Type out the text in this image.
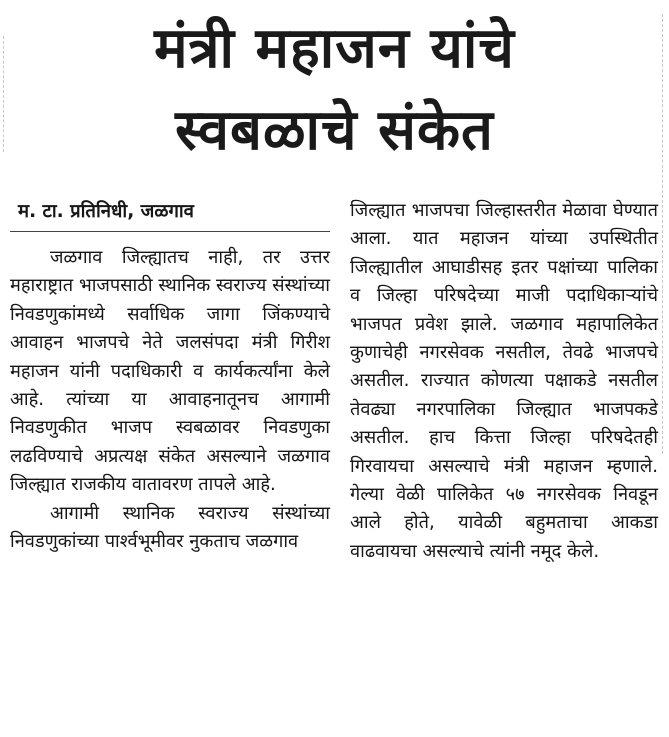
मंत्री महाजन यांचे
स्वबळाचे संकेत
म. टा. प्रतिनिधी, जळगाव

जळगाव जिल्ह्यातच नाही, तर उत्तर महाराष्ट्रात भाजपसाठी स्थानिक स्वराज्य संस्थांच्या निवडणुकांमध्ये सर्वाधिक जागा जिंकण्याचे आवाहन भाजपचे नेते जलसंपदा मंत्री गिरीश महाजन यांनी पदाधिकारी व कार्यकर्त्यांना केले आहे. त्यांच्या या आवाहनातूनच आगामी निवडणुकीत भाजप स्वबळावर निवडणुका लढविण्याचे अप्रत्यक्ष संकेत असल्याने जळगाव जिल्ह्यात राजकीय वातावरण तापले आहे.

आगामी स्थानिक स्वराज्य संस्थांच्या निवडणुकांच्या पार्श्वभूमीवर नुकताच जळगाव

जिल्ह्यात भाजपचा जिल्हास्तरीत मेळावा घेण्यात आला. यात महाजन यांच्या उपस्थितीत जिल्ह्यातील आघाडीसह इतर पक्षांच्या पालिका व जिल्हा परिषदेच्या माजी पदाधिकाऱ्यांचे भाजपत प्रवेश झाले. जळगाव महापालिकेत कुणाचेही नगरसेवक नसतील, तेवढे भाजपचे असतील. राज्यात कोणत्या पक्षाकडे नसतील तेवढ्या नगरपालिका जिल्ह्यात भाजपकडे असतील. हाच कित्ता जिल्हा परिषदेतही गिरवायचा असल्याचे मंत्री महाजन म्हणाले. गेल्या वेळी पालिकेत ५७ नगरसेवक निवडून आले होते, यावेळी बहुमताचा आकडा वाढवायचा असल्याचे त्यांनी नमूद केले.
